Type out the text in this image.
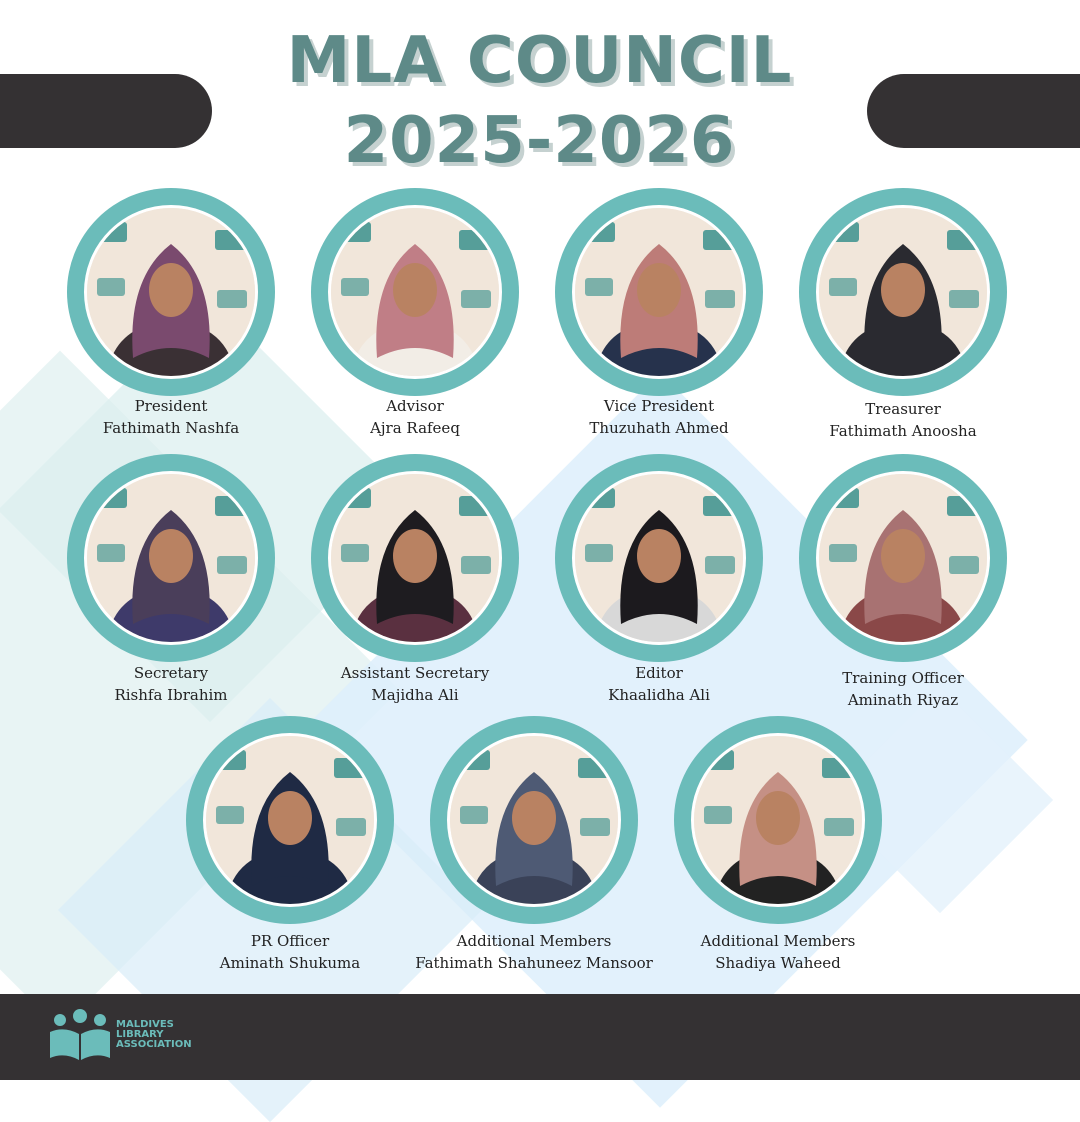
MLA COUNCIL
2025-2026
President
Fathimath Nashfa
Advisor
Ajra Rafeeq
Vice President
Thuzuhath Ahmed
Treasurer
Fathimath Anoosha
Secretary
Rishfa Ibrahim
Assistant Secretary
Majidha Ali
Editor
Khaalidha Ali
Training Officer
Aminath Riyaz
PR Officer
Aminath Shukuma
Additional Members
Fathimath Shahuneez Mansoor
Additional Members
Shadiya Waheed
MALDIVES
LIBRARY
ASSOCIATION
